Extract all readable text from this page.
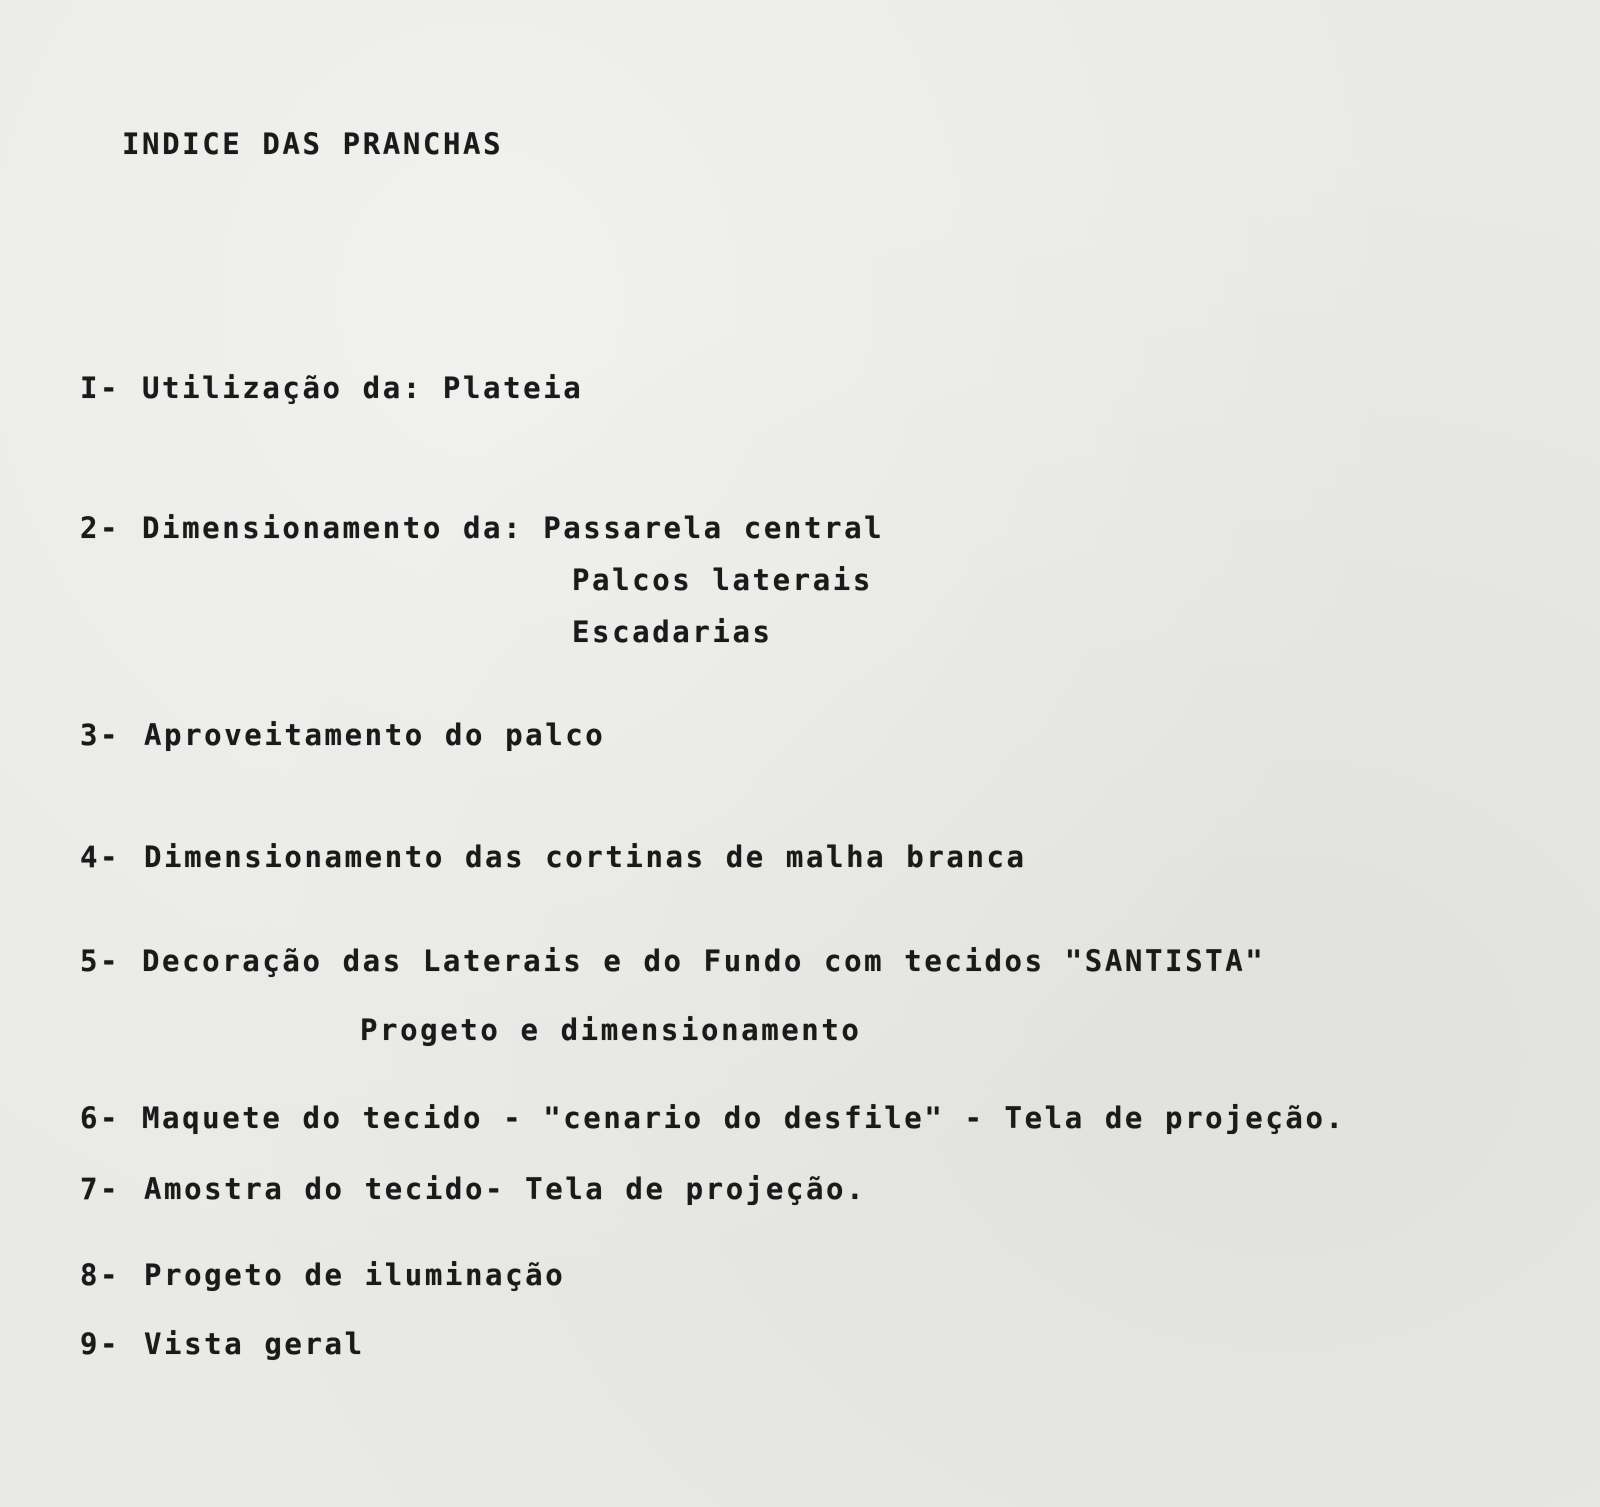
INDICE DAS PRANCHAS
I- Utilização da: Plateia
2- Dimensionamento da: Passarela central
Palcos laterais
Escadarias
3- Aproveitamento do palco
4- Dimensionamento das cortinas de malha branca
5- Decoração das Laterais e do Fundo com tecidos "SANTISTA"
Progeto e dimensionamento
6- Maquete do tecido - "cenario do desfile" - Tela de projeção.
7- Amostra do tecido- Tela de projeção.
8- Progeto de iluminação
9- Vista geral
